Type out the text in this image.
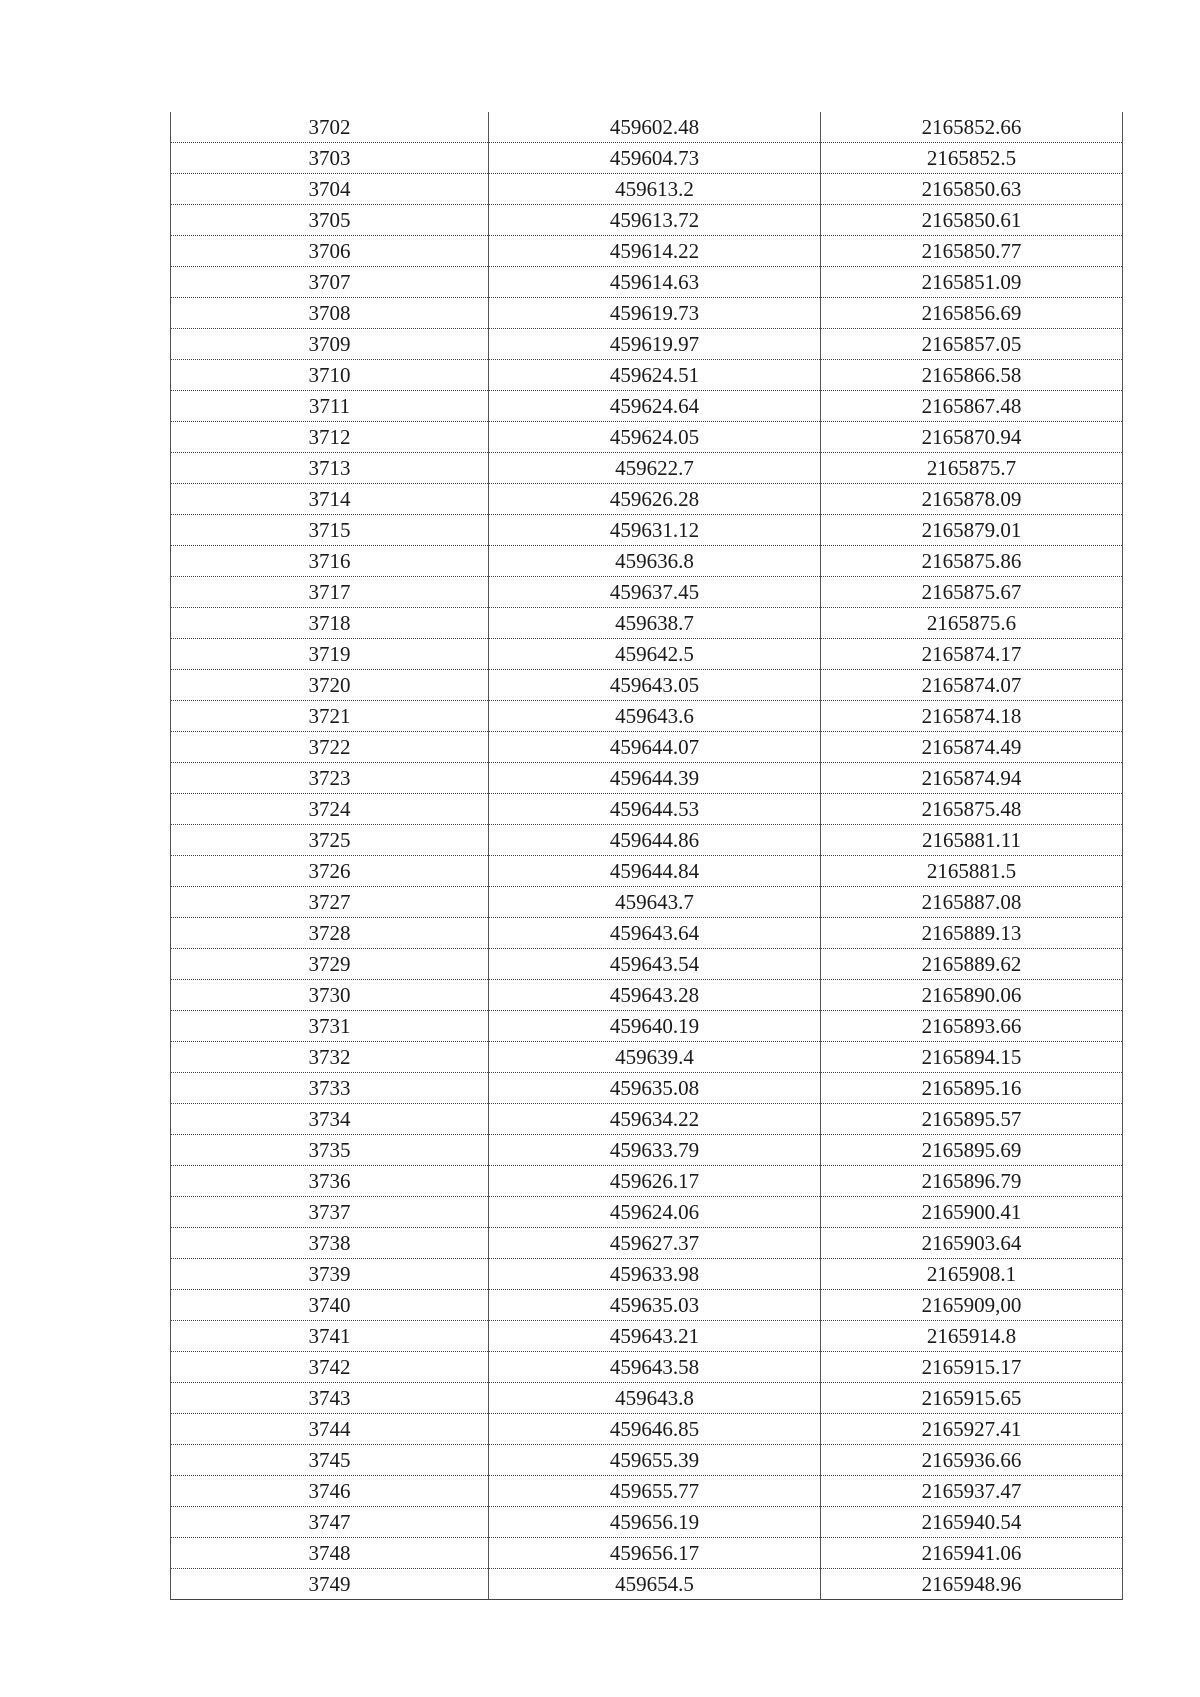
3702	459602.48	2165852.66
3703	459604.73	2165852.5
3704	459613.2	2165850.63
3705	459613.72	2165850.61
3706	459614.22	2165850.77
3707	459614.63	2165851.09
3708	459619.73	2165856.69
3709	459619.97	2165857.05
3710	459624.51	2165866.58
3711	459624.64	2165867.48
3712	459624.05	2165870.94
3713	459622.7	2165875.7
3714	459626.28	2165878.09
3715	459631.12	2165879.01
3716	459636.8	2165875.86
3717	459637.45	2165875.67
3718	459638.7	2165875.6
3719	459642.5	2165874.17
3720	459643.05	2165874.07
3721	459643.6	2165874.18
3722	459644.07	2165874.49
3723	459644.39	2165874.94
3724	459644.53	2165875.48
3725	459644.86	2165881.11
3726	459644.84	2165881.5
3727	459643.7	2165887.08
3728	459643.64	2165889.13
3729	459643.54	2165889.62
3730	459643.28	2165890.06
3731	459640.19	2165893.66
3732	459639.4	2165894.15
3733	459635.08	2165895.16
3734	459634.22	2165895.57
3735	459633.79	2165895.69
3736	459626.17	2165896.79
3737	459624.06	2165900.41
3738	459627.37	2165903.64
3739	459633.98	2165908.1
3740	459635.03	2165909,00
3741	459643.21	2165914.8
3742	459643.58	2165915.17
3743	459643.8	2165915.65
3744	459646.85	2165927.41
3745	459655.39	2165936.66
3746	459655.77	2165937.47
3747	459656.19	2165940.54
3748	459656.17	2165941.06
3749	459654.5	2165948.96
